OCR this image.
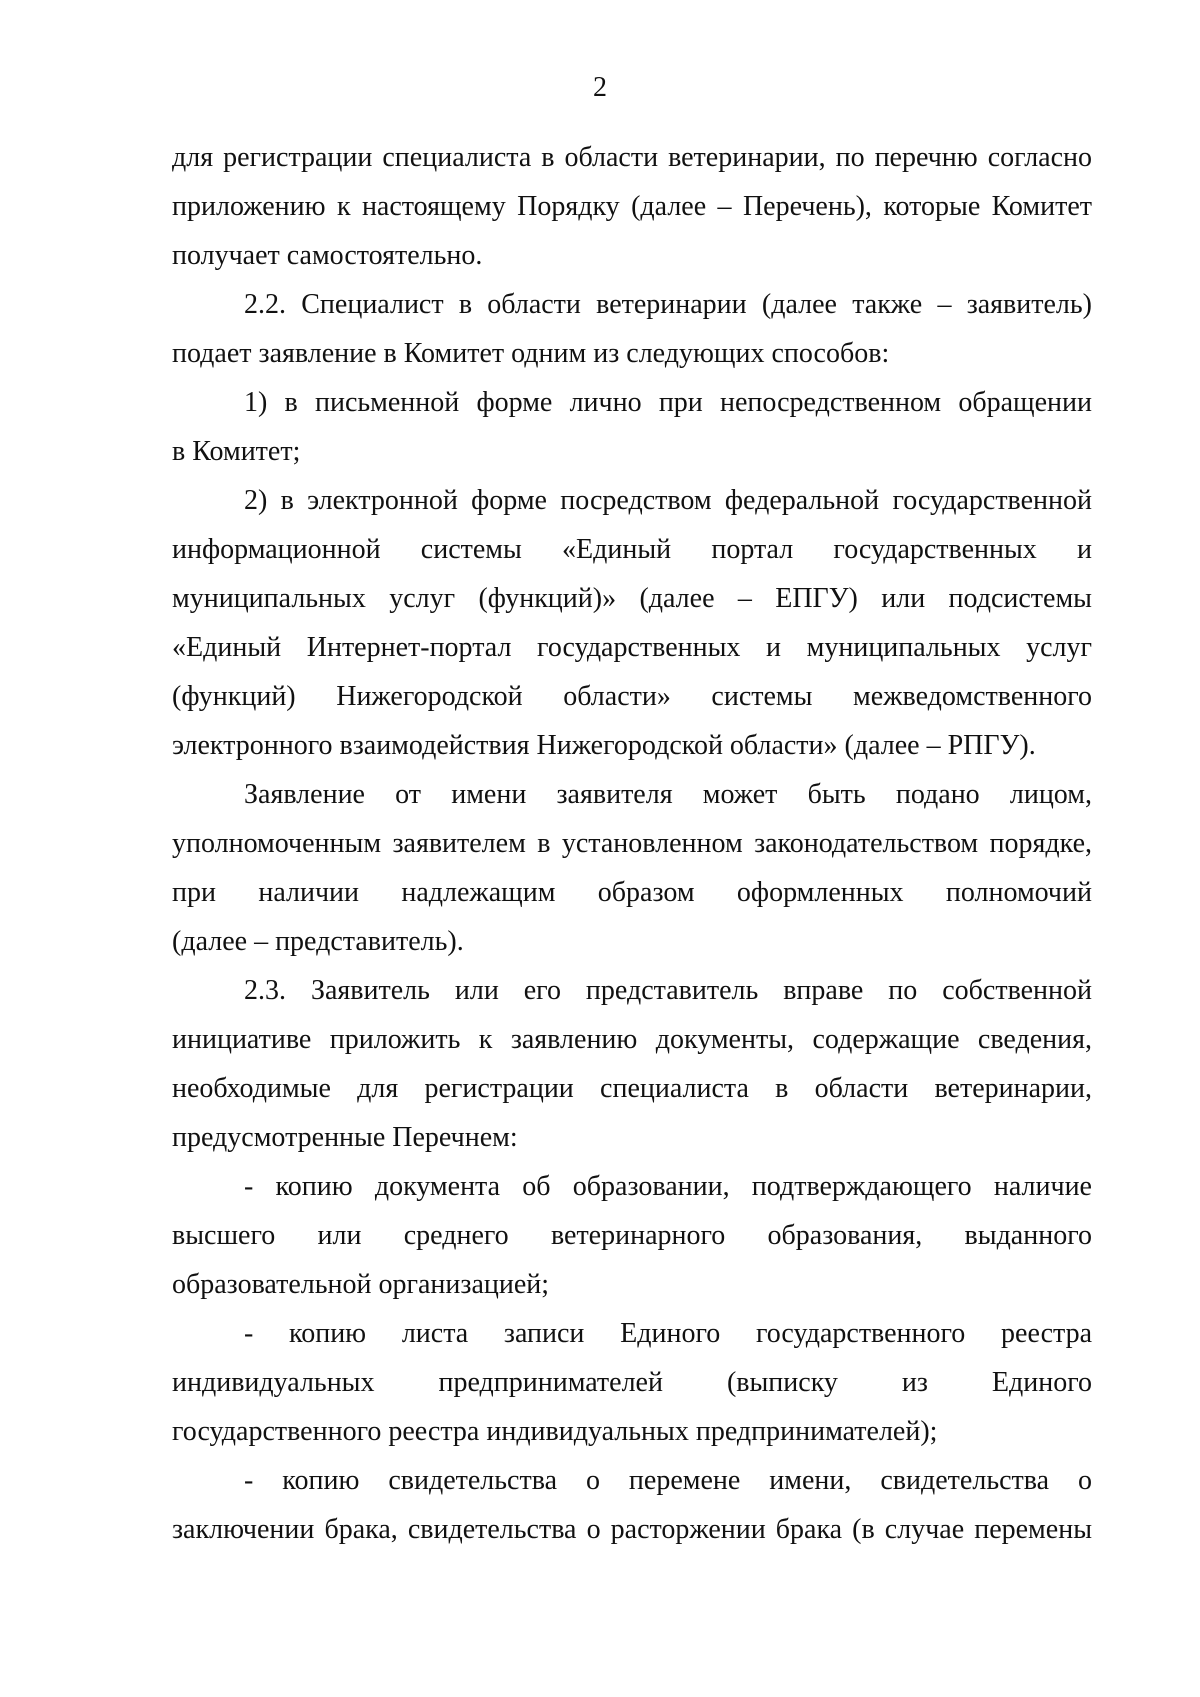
2
для регистрации специалиста в области ветеринарии, по перечню согласно
приложению к настоящему Порядку (далее – Перечень), которые Комитет
получает самостоятельно.
2.2. Специалист в области ветеринарии (далее также – заявитель)
подает заявление в Комитет одним из следующих способов:
1) в письменной форме лично при непосредственном обращении
в Комитет;
2) в электронной форме посредством федеральной государственной
информационной системы «Единый портал государственных и
муниципальных услуг (функций)» (далее – ЕПГУ) или подсистемы
«Единый Интернет-портал государственных и муниципальных услуг
(функций) Нижегородской области» системы межведомственного
электронного взаимодействия Нижегородской области» (далее – РПГУ).
Заявление от имени заявителя может быть подано лицом,
уполномоченным заявителем в установленном законодательством порядке,
при наличии надлежащим образом оформленных полномочий
(далее – представитель).
2.3. Заявитель или его представитель вправе по собственной
инициативе приложить к заявлению документы, содержащие сведения,
необходимые для регистрации специалиста в области ветеринарии,
предусмотренные Перечнем:
- копию документа об образовании, подтверждающего наличие
высшего или среднего ветеринарного образования, выданного
образовательной организацией;
- копию листа записи Единого государственного реестра
индивидуальных предпринимателей (выписку из Единого
государственного реестра индивидуальных предпринимателей);
- копию свидетельства о перемене имени, свидетельства о
заключении брака, свидетельства о расторжении брака (в случае перемены
